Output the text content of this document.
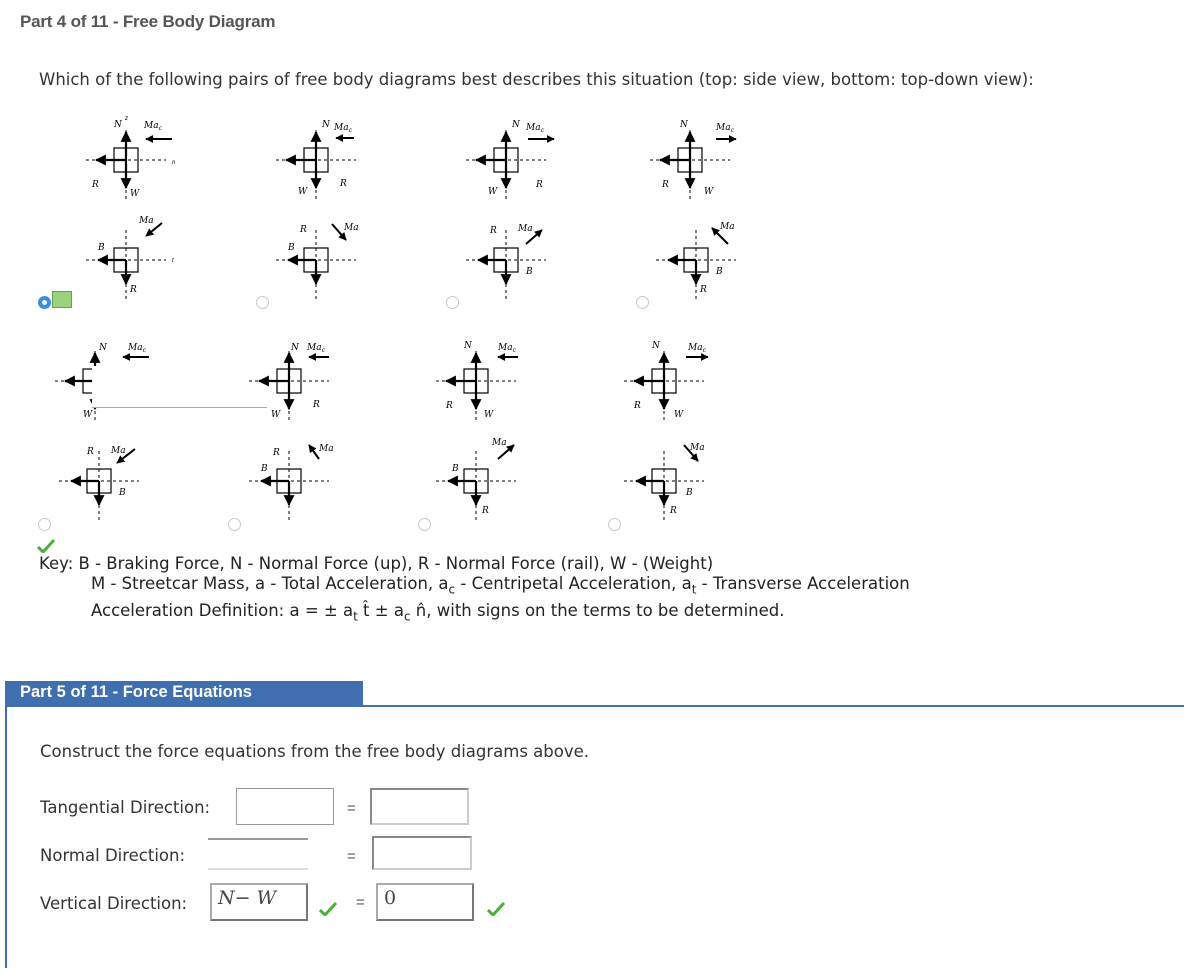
Part 4 of 11 - Free Body Diagram
Which of the following pairs of free body diagrams best describes this situation (top: side view, bottom: top-down view):
N $Ma_c$
W
R
z
n
Ma
B
R
t
N $Ma_c$
W
R
Ma
R
B
N $Ma_c$
W
R
Ma
R
B
N	$Ma_c$
W
R
Ma
B
R
N $Ma_c$
W
R Ma
B
N $Ma_c$
W
R
R	Ma
B
N	$Ma_c$
W
R
Ma
B
R
N	$Ma_c$
W
R
Ma
B
R
Key: B - Braking Force, N - Normal Force (up), R - Normal Force (rail), W - (Weight)
M - Streetcar Mass, a - Total Acceleration, $a_c$ - Centripetal Acceleration, $a_t$ - Transverse Acceleration
Acceleration Definition: a = ± $a_t$ t̂ ± $a_c$ n̂, with signs on the terms to be determined.
Part 5 of 11 - Force Equations
Construct the force equations from the free body diagrams above.
Tangential Direction:	=
Normal Direction:	=
Vertical Direction:	N− W	=	0
